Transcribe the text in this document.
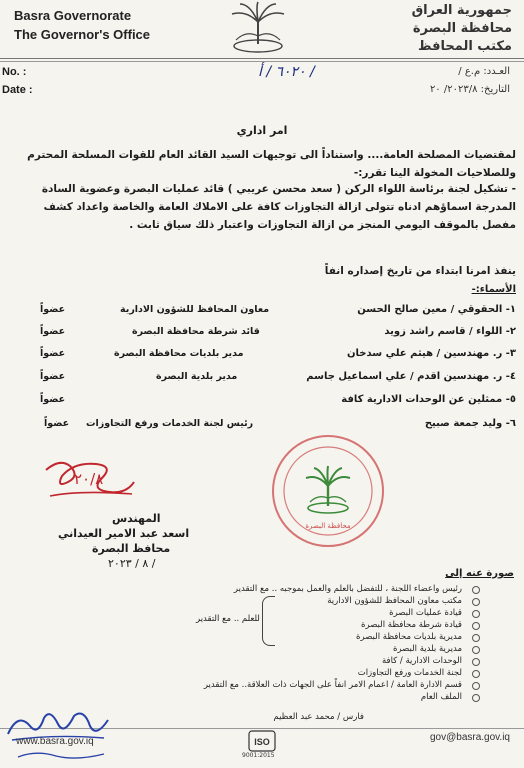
Basra Governorate
The Governor's Office
جمهورية العراق
محافظة البصرة
مكتب المحافظ
No. :
Date :
العـدد: م.ع /
٦٠٢٠ / أ /
التاريخ: ٢٠٢٣/٨/ ٢٠
امر اداري
لمقتضيات المصلحة العامة.... واستناداً الى توجيهات السيد القائد العام للقوات المسلحة المحترم وللصلاحيات المخولة الينا تقرر:-
- تشكيل لجنة برئاسة اللواء الركن ( سعد محسن عريبي ) قائد عمليات البصرة وعضوية السادة المدرجة اسماؤهم ادناه تتولى ازالة التجاوزات كافة على الاملاك العامة والخاصة واعداد كشف مفصل بالموقف اليومي المنجز من ازالة التجاوزات واعتبار ذلك سياق ثابت .
ينفذ امرنا ابتداء من تاريخ إصداره انفاً
الأسماء:-
١- الحقوقي / معين صالح الحسن
معاون المحافظ للشؤون الادارية
عضواً
٢- اللواء / قاسم راشد زويد
قائد شرطة محافظة البصرة
عضواً
٣- ر. مهندسين / هيثم علي سدخان
مدير بلديات محافظة البصرة
عضواً
٤- ر. مهندسين اقدم / علي اسماعيل جاسم
مدير بلدية البصرة
عضواً
٥- ممثلين عن الوحدات الادارية كافة
عضواً
٦- وليد جمعة صبيح
رئيس لجنة الخدمات ورفع التجاوزات
عضواً
محافظة البصرة
٢٠/٨
المهندس
اسعد عبد الامير العيداني
محافظ البصرة
/ ٨ / ٢٠٢٣
صورة عنه إلى
رئيس واعضاء اللجنة ، للتفضل بالعلم والعمل بموجبه .. مع التقدير
مكتب معاون المحافظ للشؤون الادارية
قيادة عمليات البصرة
قيادة شرطة محافظة البصرة
مديرية بلديات محافظة البصرة
مديرية بلدية البصرة
الوحدات الادارية / كافة
لجنة الخدمات ورفع التجاوزات
قسم الادارة العامة / اعمام الامر انفاً على الجهات ذات العلاقة.. مع التقدير
الملف العام
فارس / محمد عبد العظيم
للعلم .. مع التقدير
www.basra.gov.iq	ISO
9001:2015
gov@basra.gov.iq
